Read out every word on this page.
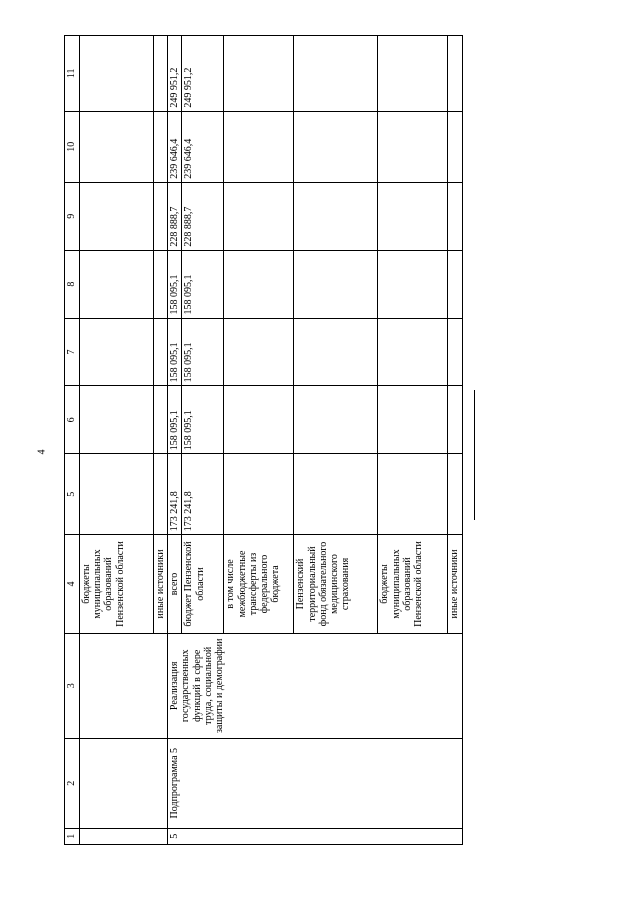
4
1	2	3	4	5	6	7	8	9	10	11
			бюджеты муниципальных образований Пензенской области							
			иные источники							
5	Подпрограмма 5	Реализация государственных функций в сфере труда, социальной защиты и демографии	всего	173 241,8	158 095,1	158 095,1	158 095,1	228 888,7	239 646,4	249 951,2
			бюджет Пензенской области	173 241,8	158 095,1	158 095,1	158 095,1	228 888,7	239 646,4	249 951,2
			в том числе межбюджетные трансферты из федерального бюджета							
			Пензенский территориальный фонд обязательного медицинского страхования							
			бюджеты муниципальных образований Пензенской области							
			иные источники							
